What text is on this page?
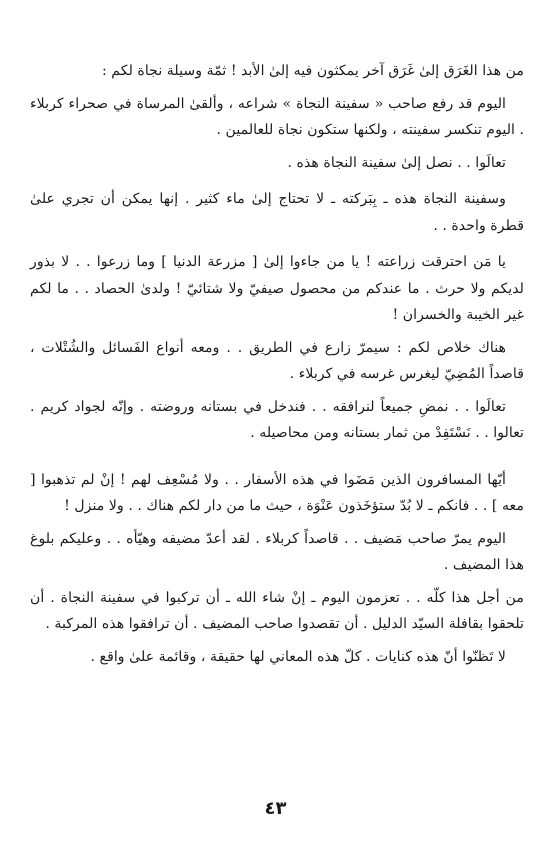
من هذا الغَرَق إلىٰ غَرَق آخر يمكثون فيه إلىٰ الأبد ! ثمّة وسيلة نجاة لكم :

اليوم قد رفع صاحب « سفينة النجاة » شراعه ، وألقىٰ المرساة في صحراء كربلاء . اليوم تنكسر سفينته ، ولكنها ستكون نجاة للعالمين .

تعالَوا . . نصل إلىٰ سفينة النجاة هذه .

وسفينة النجاة هذه ـ بِبَركته ـ لا تحتاج إلىٰ ماء كثير . إنها يمكن أن تجري علىٰ قطرة واحدة . .

يا مَن احترقت زراعته ! يا من جاءوا إلىٰ [ مزرعة الدنيا ] وما زرعوا . . لا بذور لديكم ولا حرث . ما عندكم من محصول صيفيّ ولا شتائيّ ! ولدىٰ الحصاد . . ما لكم غير الخيبة والخسران !

هناك خلاص لكم : سيمرّ زارع في الطريق . . ومعه أنواع الفَسائل والشُتْلات ، قاصداً المُضِيّ ليغرس غرسه في كربلاء .

تعالَوا . . نمضِ جميعاً لنرافقه . . فندخل في بستانه وروضته . وإنّه لجواد كريم . تعالوا . . نَسْتَفِدْ من ثمار بستانه ومن محاصيله .

أيّها المسافرون الذين مَضَوا في هذه الأسفار . . ولا مُسْعِف لهم ! إنْ لم تذهبوا [ معه ] . . فانكم ـ لا بُدّ ستؤخَذون عَنْوَة ، حيث ما من دار لكم هناك . . ولا منزل !

اليوم يمرّ صاحب مَضيف . . قاصداً كربلاء . لقد أعدّ مضيفه وهيّأه . . وعليكم بلوغ هذا المضيف .

من أجل هذا كلّه . . تعزمون اليوم ـ إنْ شاء الله ـ أن تركبوا في سفينة النجاة . أن تلحقوا بقافلة السيّد الدليل . أن تقصدوا صاحب المضيف . أن ترافقوا هذه المركبة .

لا تَظنّوا أنّ هذه كنايات . كلّ هذه المعاني لها حقيقة ، وقائمة علىٰ واقع .

٤٣
